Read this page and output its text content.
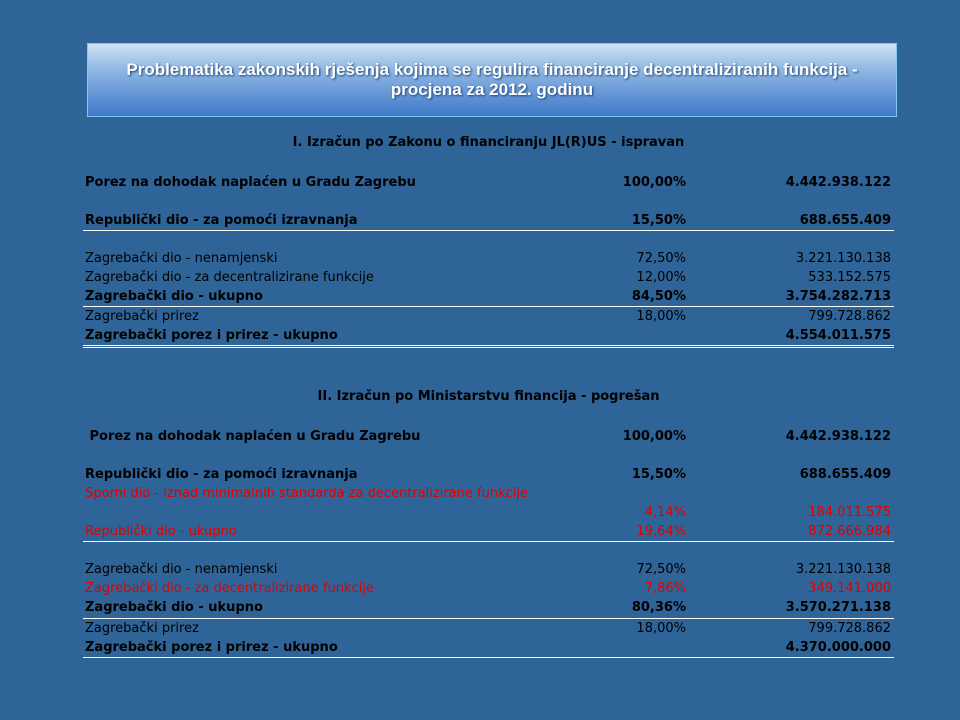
Problematika zakonskih rješenja kojima se regulira financiranje decentraliziranih funkcija - procjena za 2012. godinu
I. Izračun po Zakonu o financiranju JL(R)US - ispravan
Porez na dohodak naplaćen u Gradu Zagrebu	100,00%	4.442.938.122
Republički dio - za pomoći izravnanja	15,50%	688.655.409
Zagrebački dio - nenamjenski	72,50%	3.221.130.138
Zagrebački dio - za decentralizirane funkcije	12,00%	533.152.575
Zagrebački dio - ukupno	84,50%	3.754.282.713
Zagrebački prirez	18,00%	799.728.862
Zagrebački porez i prirez - ukupno	4.554.011.575
II. Izračun po Ministarstvu financija - pogrešan
Porez na dohodak naplaćen u Gradu Zagrebu	100,00%	4.442.938.122
Republički dio - za pomoći izravnanja	15,50%	688.655.409
Sporni dio - iznad minimalnih standarda za decentralizirane funkcije
4,14%	184.011.575
Republički dio - ukupno	19,64%	872.666.984
Zagrebački dio - nenamjenski	72,50%	3.221.130.138
Zagrebački dio - za decentralizirane funkcije	7,86%	349.141.000
Zagrebački dio - ukupno	80,36%	3.570.271.138
Zagrebački prirez	18,00%	799.728.862
Zagrebački porez i prirez - ukupno	4.370.000.000
